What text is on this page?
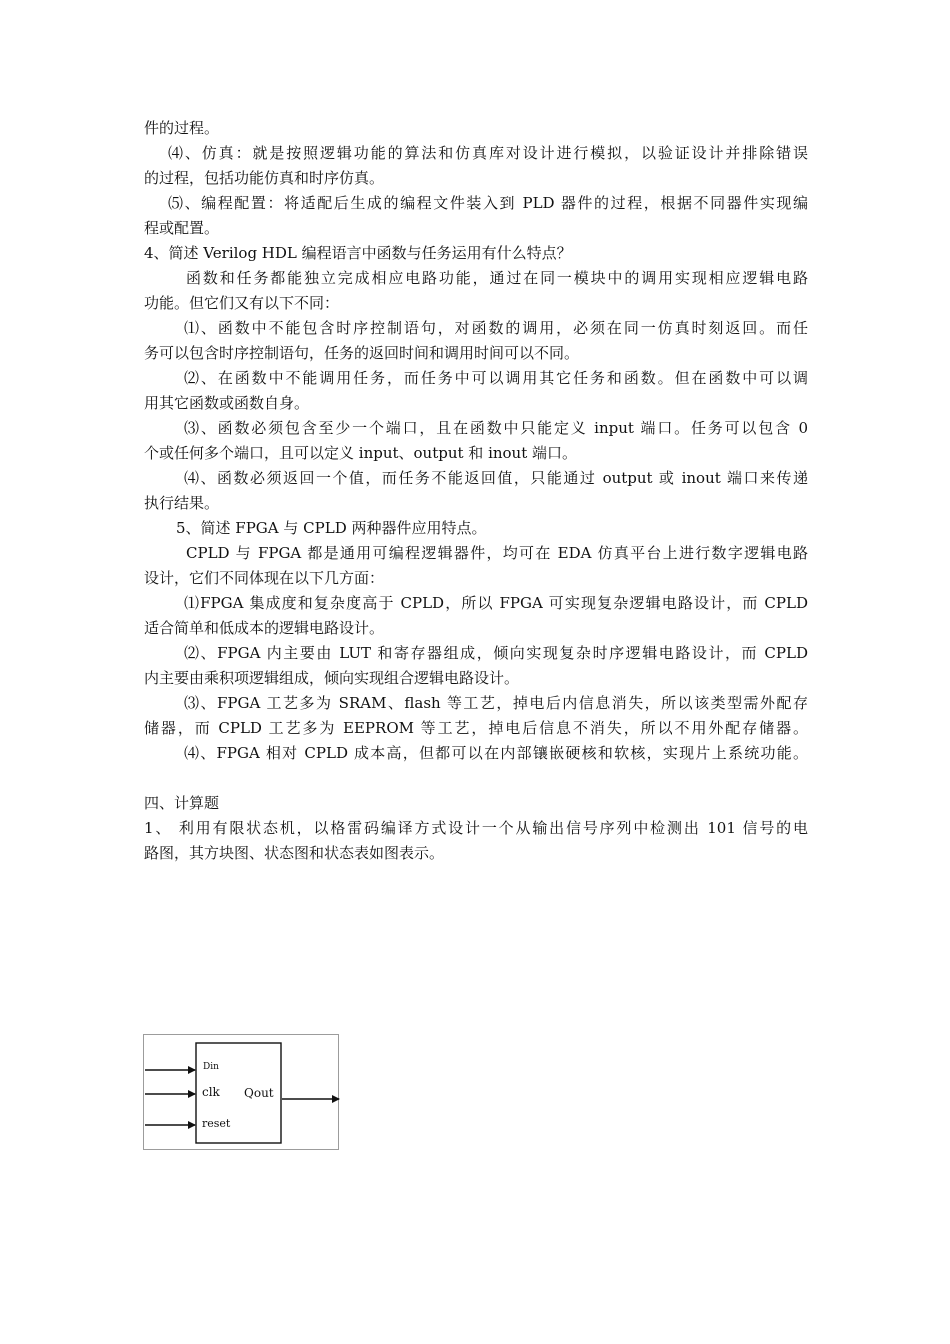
件的过程。
⑷、仿真：就是按照逻辑功能的算法和仿真库对设计进行模拟，以验证设计并排除错误
的过程，包括功能仿真和时序仿真。
⑸、编程配置：将适配后生成的编程文件装入到 PLD 器件的过程，根据不同器件实现编
程或配置。
4、简述 Verilog HDL 编程语言中函数与任务运用有什么特点？
函数和任务都能独立完成相应电路功能，通过在同一模块中的调用实现相应逻辑电路
功能。但它们又有以下不同：
⑴、函数中不能包含时序控制语句，对函数的调用，必须在同一仿真时刻返回。而任
务可以包含时序控制语句，任务的返回时间和调用时间可以不同。
⑵、在函数中不能调用任务，而任务中可以调用其它任务和函数。但在函数中可以调
用其它函数或函数自身。
⑶、函数必须包含至少一个端口，且在函数中只能定义 input 端口。任务可以包含 0
个或任何多个端口，且可以定义 input、output 和 inout 端口。
⑷、函数必须返回一个值，而任务不能返回值，只能通过 output 或 inout 端口来传递
执行结果。
5、简述 FPGA 与 CPLD 两种器件应用特点。
CPLD 与 FPGA 都是通用可编程逻辑器件，均可在 EDA 仿真平台上进行数字逻辑电路
设计，它们不同体现在以下几方面：
⑴FPGA 集成度和复杂度高于 CPLD，所以 FPGA 可实现复杂逻辑电路设计，而 CPLD
适合简单和低成本的逻辑电路设计。
⑵、FPGA 内主要由 LUT 和寄存器组成，倾向实现复杂时序逻辑电路设计，而 CPLD
内主要由乘积项逻辑组成，倾向实现组合逻辑电路设计。
⑶、FPGA 工艺多为 SRAM、flash 等工艺，掉电后内信息消失，所以该类型需外配存
储器，而 CPLD 工艺多为 EEPROM 等工艺，掉电后信息不消失，所以不用外配存储器。
⑷、FPGA 相对 CPLD 成本高，但都可以在内部镶嵌硬核和软核，实现片上系统功能。
四、计算题
1、 利用有限状态机，以格雷码编译方式设计一个从输出信号序列中检测出 101 信号的电
路图，其方块图、状态图和状态表如图表示。
Din
clk
reset
Qout
